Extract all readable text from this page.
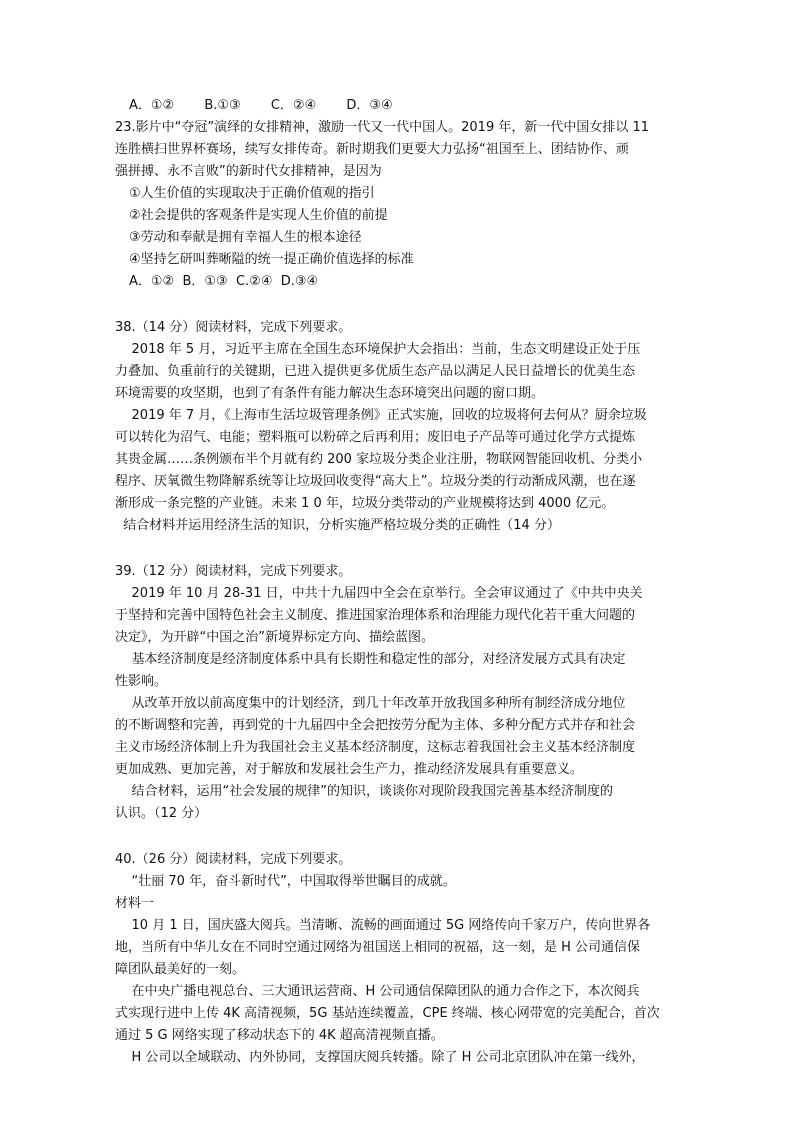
A．①② B.①③ C．②④ D．③④

23.影片中“夺冠”演绎的女排精神，激励一代又一代中国人。2019 年，新一代中国女排以 11

连胜横扫世界杯赛场，续写女排传奇。新时期我们更要大力弘扬“祖国至上、团结协作、顽

强拼搏、永不言败”的新时代女排精神，是因为

①人生价值的实现取决于正确价值观的指引

②社会提供的客观条件是实现人生价值的前提

③劳动和奉献是拥有幸福人生的根本途径

④坚持乞研叫葬晰隘的统一提正确价值选择的标准

A．①②  B．①③  C.②④  D.③④

38.（14 分）阅读材料，完成下列要求。

2018 年 5 月，习近平主席在全国生态环境保护大会指出：当前，生态文明建设正处于压

力叠加、负重前行的关键期，已进入提供更多优质生态产品以满足人民日益增长的优美生态

环境需要的攻坚期，也到了有条件有能力解决生态环境突出问题的窗口期。

2019 年 7 月，《上海市生活垃圾管理条例》正式实施，回收的垃圾将何去何从？厨余垃圾

可以转化为沼气、电能；塑料瓶可以粉碎之后再利用；废旧电子产品等可通过化学方式提炼

其贵金属……条例颁布半个月就有约 200 家垃圾分类企业注册，物联网智能回收机、分类小

程序、厌氧微生物降解系统等让垃圾回收变得“高大上”。垃圾分类的行动渐成风潮，也在逐

渐形成一条完整的产业链。未来 1 0 年，垃圾分类带动的产业规模将达到 4000 亿元。

结合材料并运用经济生活的知识，分析实施严格垃圾分类的正确性（14 分）

39.（12 分）阅读材料，完成下列要求。

2019 年 10 月 28-31 日，中共十九届四中全会在京举行。全会审议通过了《中共中央关

于坚持和完善中国特色社会主义制度、推进国家治理体系和治理能力现代化若干重大问题的

决定》，为开辟“中国之治”新境界标定方向、描绘蓝图。

基本经济制度是经济制度体系中具有长期性和稳定性的部分，对经济发展方式具有决定

性影响。

从改革开放以前高度集中的计划经济，到几十年改革开放我国多种所有制经济成分地位

的不断调整和完善，再到党的十九届四中全会把按劳分配为主体、多种分配方式并存和社会

主义市场经济体制上升为我国社会主义基本经济制度，这标志着我国社会主义基本经济制度

更加成熟、更加完善，对于解放和发展社会生产力，推动经济发展具有重要意义。

结合材料，运用“社会发展的规律”的知识，谈谈你对现阶段我国完善基本经济制度的

认识。（12 分）

40.（26 分）阅读材料，完成下列要求。

“壮丽 70 年，奋斗新时代”，中国取得举世瞩目的成就。

材料一

10 月 1 日，国庆盛大阅兵。当清晰、流畅的画面通过 5G 网络传向千家万户，传向世界各

地，当所有中华儿女在不同时空通过网络为祖国送上相同的祝福，这一刻，是 H 公司通信保

障团队最美好的一刻。

在中央广播电视总台、三大通讯运营商、H 公司通信保障团队的通力合作之下，本次阅兵

式实现行进中上传 4K 高清视频，5G 基站连续覆盖，CPE 终端、核心网带宽的完美配合，首次

通过 5 G 网络实现了移动状态下的 4K 超高清视频直播。

H 公司以全域联动、内外协同，支撑国庆阅兵转播。除了 H 公司北京团队冲在第一线外，
